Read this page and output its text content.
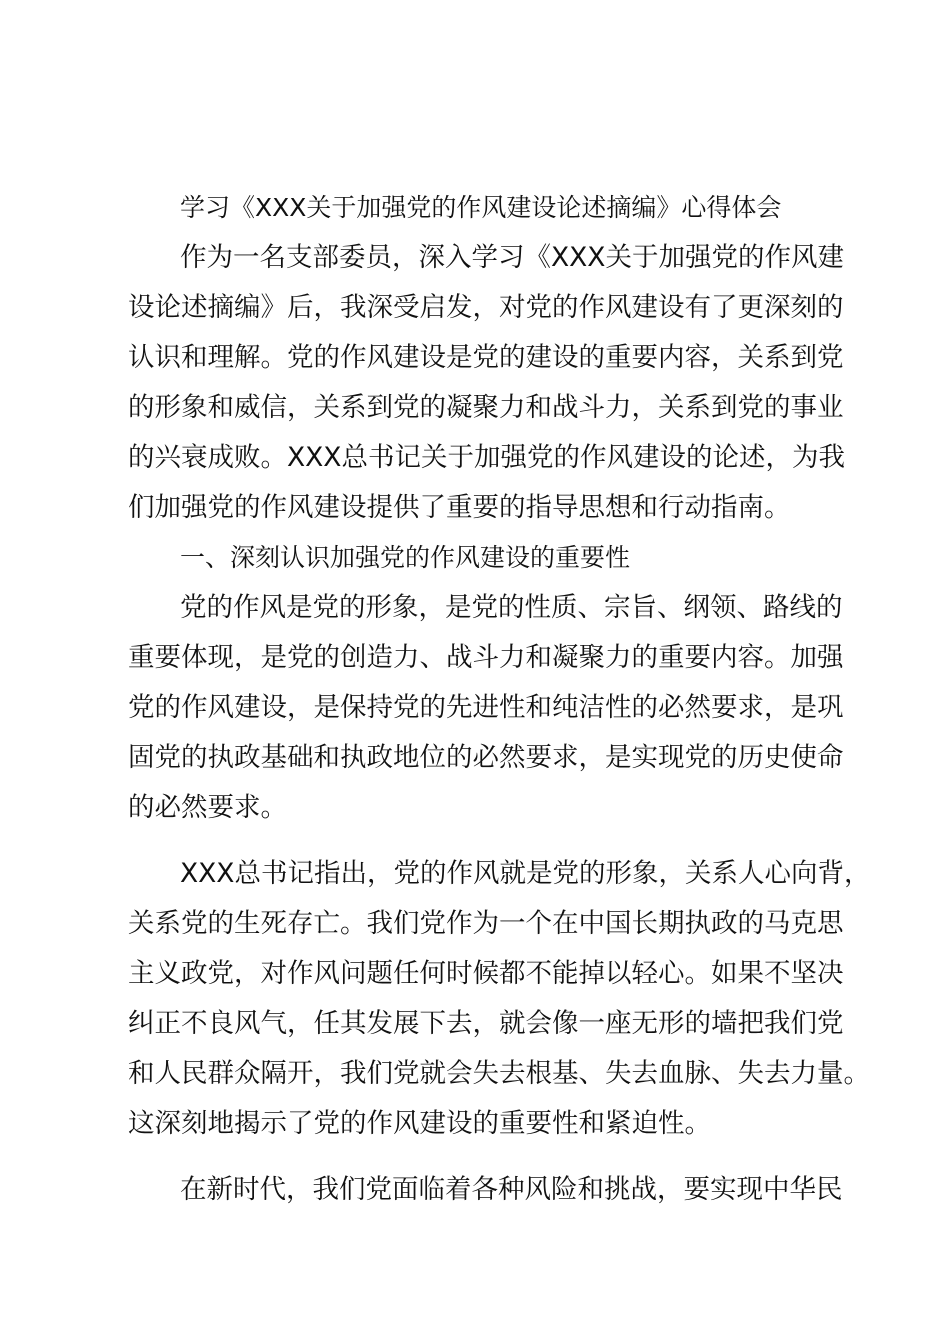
学习《XXX关于加强党的作风建设论述摘编》心得体会
作为一名支部委员，深入学习《XXX关于加强党的作风建
设论述摘编》后，我深受启发，对党的作风建设有了更深刻的
认识和理解。党的作风建设是党的建设的重要内容，关系到党
的形象和威信，关系到党的凝聚力和战斗力，关系到党的事业
的兴衰成败。XXX总书记关于加强党的作风建设的论述，为我
们加强党的作风建设提供了重要的指导思想和行动指南。
一、深刻认识加强党的作风建设的重要性
党的作风是党的形象，是党的性质、宗旨、纲领、路线的
重要体现，是党的创造力、战斗力和凝聚力的重要内容。加强
党的作风建设，是保持党的先进性和纯洁性的必然要求，是巩
固党的执政基础和执政地位的必然要求，是实现党的历史使命
的必然要求。
XXX总书记指出，党的作风就是党的形象，关系人心向背，
关系党的生死存亡。我们党作为一个在中国长期执政的马克思
主义政党，对作风问题任何时候都不能掉以轻心。如果不坚决
纠正不良风气，任其发展下去，就会像一座无形的墙把我们党
和人民群众隔开，我们党就会失去根基、失去血脉、失去力量。
这深刻地揭示了党的作风建设的重要性和紧迫性。
在新时代，我们党面临着各种风险和挑战，要实现中华民
